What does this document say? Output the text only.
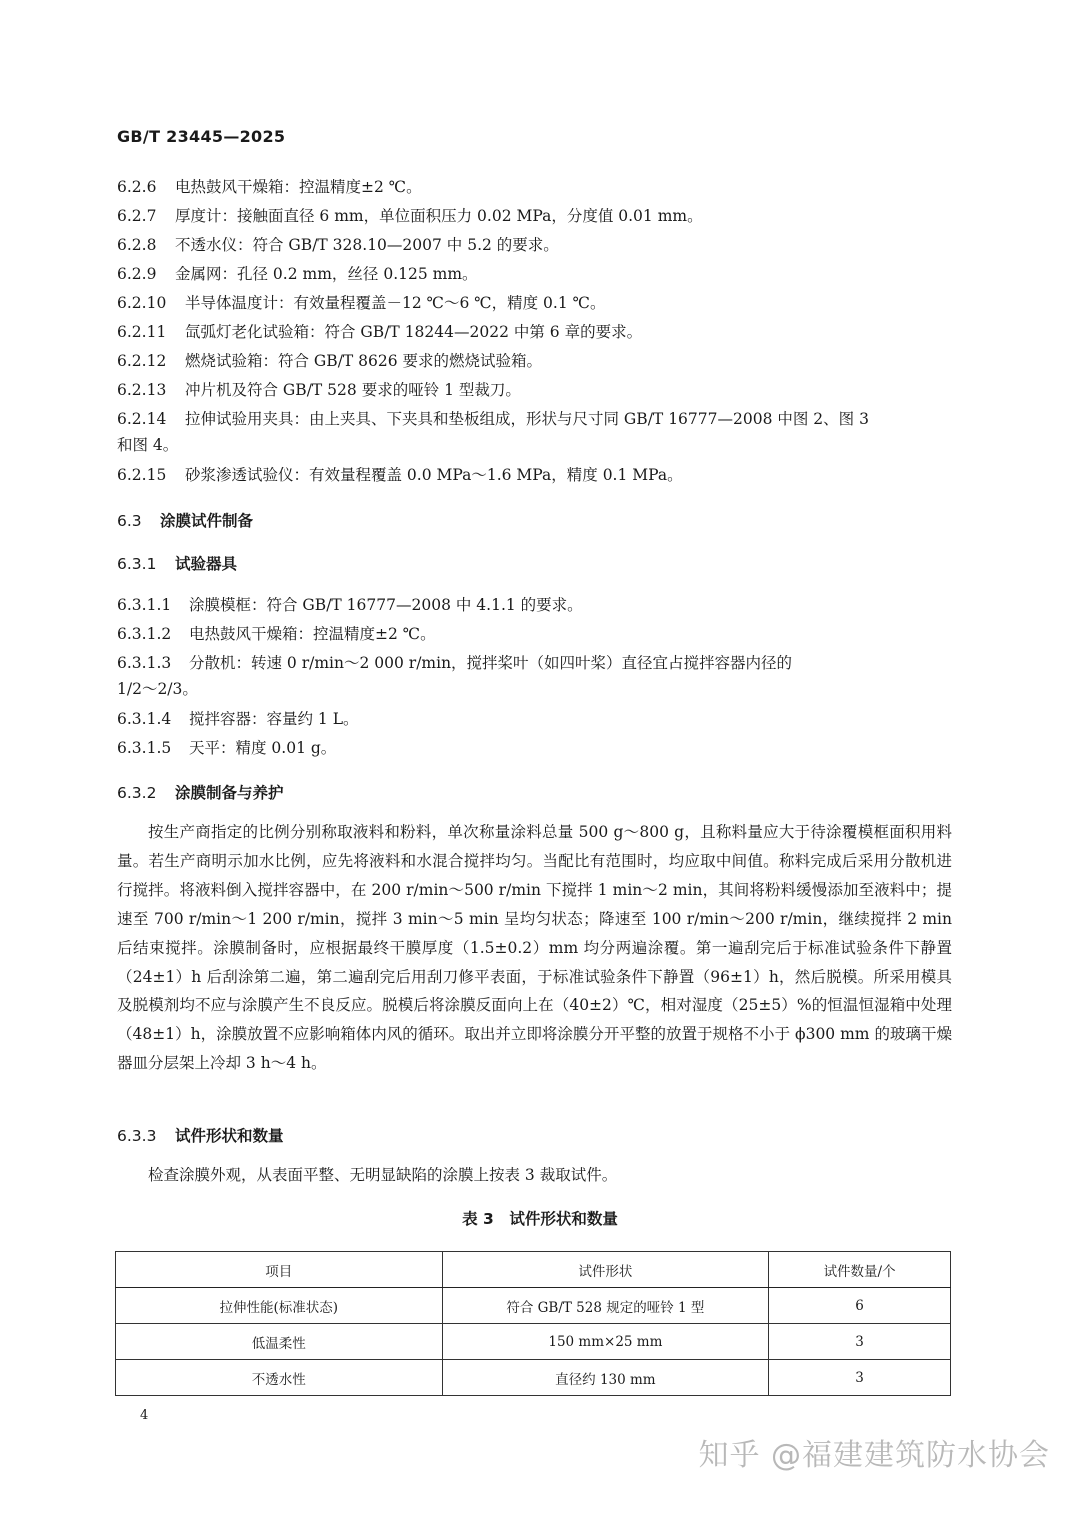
GB/T 23445—2025
6.2.6 电热鼓风干燥箱：控温精度±2 ℃。
6.2.7 厚度计：接触面直径 6 mm，单位面积压力 0.02 MPa，分度值 0.01 mm。
6.2.8 不透水仪：符合 GB/T 328.10—2007 中 5.2 的要求。
6.2.9 金属网：孔径 0.2 mm，丝径 0.125 mm。
6.2.10 半导体温度计：有效量程覆盖－12 ℃～6 ℃，精度 0.1 ℃。
6.2.11 氙弧灯老化试验箱：符合 GB/T 18244—2022 中第 6 章的要求。
6.2.12 燃烧试验箱：符合 GB/T 8626 要求的燃烧试验箱。
6.2.13 冲片机及符合 GB/T 528 要求的哑铃 1 型裁刀。
6.2.14 拉伸试验用夹具：由上夹具、下夹具和垫板组成，形状与尺寸同 GB/T 16777—2008 中图 2、图 3
和图 4。
6.2.15 砂浆渗透试验仪：有效量程覆盖 0.0 MPa～1.6 MPa，精度 0.1 MPa。
6.3 涂膜试件制备
6.3.1 试验器具
6.3.1.1 涂膜模框：符合 GB/T 16777—2008 中 4.1.1 的要求。
6.3.1.2 电热鼓风干燥箱：控温精度±2 ℃。
6.3.1.3 分散机：转速 0 r/min～2 000 r/min，搅拌桨叶（如四叶桨）直径宜占搅拌容器内径的
1/2～2/3。
6.3.1.4 搅拌容器：容量约 1 L。
6.3.1.5 天平：精度 0.01 g。
6.3.2 涂膜制备与养护
按生产商指定的比例分别称取液料和粉料，单次称量涂料总量 500 g～800 g，且称料量应大于待涂覆模框面积用料量。若生产商明示加水比例，应先将液料和水混合搅拌均匀。当配比有范围时，均应取中间值。称料完成后采用分散机进行搅拌。将液料倒入搅拌容器中，在 200 r/min～500 r/min 下搅拌 1 min～2 min，其间将粉料缓慢添加至液料中；提速至 700 r/min～1 200 r/min，搅拌 3 min～5 min 呈均匀状态；降速至 100 r/min～200 r/min，继续搅拌 2 min 后结束搅拌。涂膜制备时，应根据最终干膜厚度（1.5±0.2）mm 均分两遍涂覆。第一遍刮完后于标准试验条件下静置（24±1）h 后刮涂第二遍，第二遍刮完后用刮刀修平表面，于标准试验条件下静置（96±1）h，然后脱模。所采用模具及脱模剂均不应与涂膜产生不良反应。脱模后将涂膜反面向上在（40±2）℃，相对湿度（25±5）%的恒温恒湿箱中处理（48±1）h，涂膜放置不应影响箱体内风的循环。取出并立即将涂膜分开平整的放置于规格不小于 ϕ300 mm 的玻璃干燥器皿分层架上冷却 3 h～4 h。
6.3.3 试件形状和数量
检查涂膜外观，从表面平整、无明显缺陷的涂膜上按表 3 裁取试件。
表 3　试件形状和数量
项目	试件形状	试件数量/个
拉伸性能(标准状态)	符合 GB/T 528 规定的哑铃 1 型	6
低温柔性	150 mm×25 mm	3
不透水性	直径约 130 mm	3
4
知乎 @福建建筑防水协会
